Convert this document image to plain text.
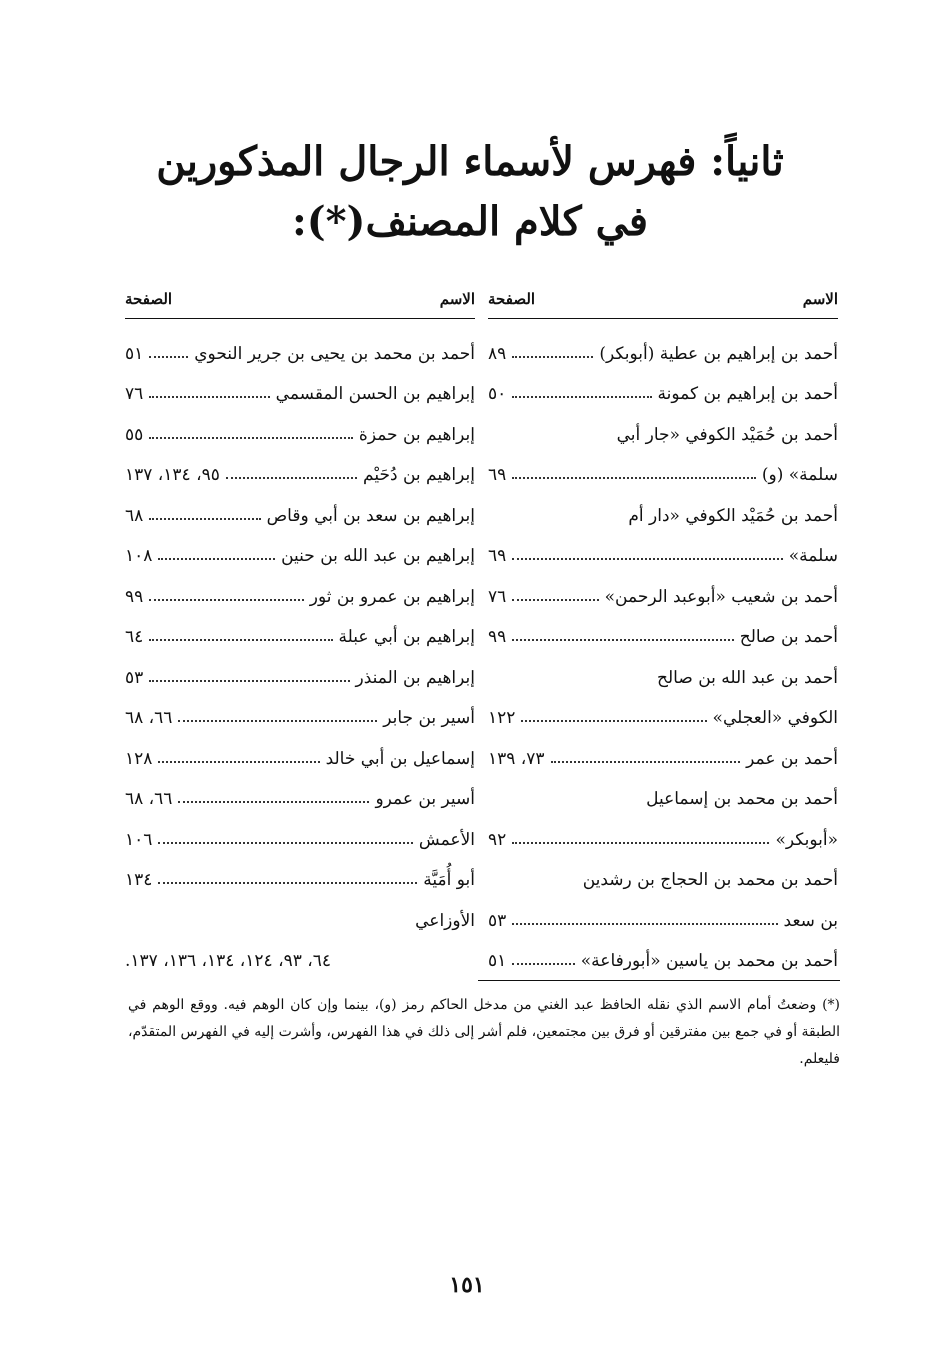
ثانياً: فهرس لأسماء الرجال المذكورين
في كلام المصنف(*):
الاسم
الصفحة
أحمد بن إبراهيم بن عطية (أبوبكر)
٨٩
أحمد بن إبراهيم بن كمونة
٥٠
أحمد بن حُمَيْد الكوفي «جار أبي
سلمة» (و)
٦٩
أحمد بن حُمَيْد الكوفي «دار أم
سلمة»
٦٩
أحمد بن شعيب «أبوعبد الرحمن»
٧٦
أحمد بن صالح
٩٩
أحمد بن عبد الله بن صالح
الكوفي «العجلي»
١٢٢
أحمد بن عمر
٧٣، ١٣٩
أحمد بن محمد بن إسماعيل
«أبوبكر»
٩٢
أحمد بن محمد بن الحجاج بن رشدين
بن سعد
٥٣
أحمد بن محمد بن ياسين «أبورفاعة»
٥١
الاسم
الصفحة
أحمد بن محمد بن يحيى بن جرير النحوي
٥١
إبراهيم بن الحسن المقسمي
٧٦
إبراهيم بن حمزة
٥٥
إبراهيم بن دُحَيْم
٩٥، ١٣٤، ١٣٧
إبراهيم بن سعد بن أبي وقاص
٦٨
إبراهيم بن عبد الله بن حنين
١٠٨
إبراهيم بن عمرو بن ثور
٩٩
إبراهيم بن أبي عبلة
٦٤
إبراهيم بن المنذر
٥٣
أسير بن جابر
٦٦، ٦٨
إسماعيل بن أبي خالد
١٢٨
أسير بن عمرو
٦٦، ٦٨
الأعمش
١٠٦
أبو أُمَيَّة
١٣٤
الأوزاعي
٦٤، ٩٣، ١٢٤، ١٣٤، ١٣٦، ١٣٧.
(*) وضعتُ أمام الاسم الذي نقله الحافظ عبد الغني من مدخل الحاكم رمز (و)، بينما وإن كان الوهم فيه. ووقع الوهم في الطبقة أو في جمع بين مفترقين أو فرق بين مجتمعين، فلم أشر إلى ذلك في هذا الفهرس، وأشرت إليه في الفهرس المتقدّم، فليعلم.
١٥١
